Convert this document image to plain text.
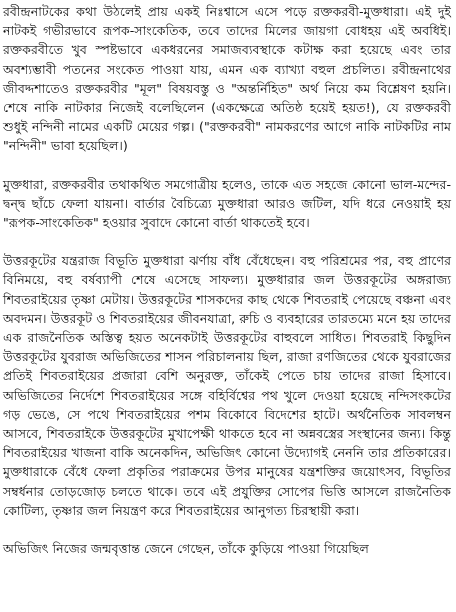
রবীন্দ্রনাটকের কথা উঠলেই প্রায় একই নিঃশ্বাসে এসে পড়ে রক্তকরবী-মুক্তধারা। এই দুই নাটকই গভীরভাবে রূপক-সাংকেতিক, তবে তাদের মিলের জায়গা বোধহয় এই অবধিই। রক্তকরবীতে খুব স্পষ্টভাবে একধরনের সমাজব্যবস্থাকে কটাক্ষ করা হয়েছে এবং তার অবশ্যম্ভাবী পতনের সংকেত পাওয়া যায়, এমন এক ব্যাখ্যা বহুল প্রচলিত। রবীন্দ্রনাথের জীবদ্দশাতেও রক্তকরবীর "মূল" বিষয়বস্তু ও "অন্তর্নিহিত" অর্থ নিয়ে কম বিশ্লেষণ হয়নি। শেষে নাকি নাটকার নিজেই বলেছিলেন (একক্ষেত্রে অতিষ্ঠ হয়েই হয়ত!), যে রক্তকরবী শুধুই নন্দিনী নামের একটি মেয়ের গল্প। ("রক্তকরবী" নামকরণের আগে নাকি নাটকটির নাম "নন্দিনী" ভাবা হয়েছিল।)

মুক্তধারা, রক্তকরবীর তথাকথিত সমগোত্রীয় হলেও, তাকে এত সহজে কোনো ভাল-মন্দের-দ্বন্দ্ব ছাঁচে ফেলা যায়না। বার্তার বৈচিত্র্যে মুক্তধারা আরও জটিল, যদি ধরে নেওয়াই হয় "রূপক-সাংকেতিক" হওয়ার সুবাদে কোনো বার্তা থাকতেই হবে।

উত্তরকূটের যন্ত্ররাজ বিভূতি মুক্তধারা ঝর্ণায় বাঁধ বেঁধেছেন। বহু পরিশ্রমের পর, বহু প্রাণের বিনিময়ে, বহু বর্ষব্যাপী শেষে এসেছে সাফল্য। মুক্তধারার জল উত্তরকূটের অঙ্গরাজ্য শিবতরাইয়ের তৃষ্ণা মেটায়। উত্তরকূটের শাসকদের কাছ থেকে শিবতরাই পেয়েছে বঞ্চনা এবং অবদমন। উত্তরকূট ও শিবতরাইয়ের জীবনযাত্রা, রুচি ও ব্যবহারের তারতম্যে মনে হয় তাদের এক রাজনৈতিক অস্তিত্ব হয়ত অনেকটাই উত্তরকূটের বাহুবলে সাধিত। শিবতরাই কিছুদিন উত্তরকূটের যুবরাজ অভিজিতের শাসন পরিচালনায় ছিল, রাজা রণজিতের থেকে যুবরাজের প্রতিই শিবতরাইয়ের প্রজারা বেশি অনুরক্ত, তাঁকেই পেতে চায় তাদের রাজা হিসাবে। অভিজিতের নির্দেশে শিবতরাইয়ের সঙ্গে বহির্বিশ্বের পথ খুলে দেওয়া হয়েছে নন্দিসংকটের গড় ভেঙে, সে পথে শিবতরাইয়ের পশম বিকোবে বিদেশের হাটে। অর্থনৈতিক সাবলম্বন আসবে, শিবতরাইকে উত্তরকূটের মুখাপেক্ষী থাকতে হবে না অন্নবস্ত্রের সংস্থানের জন্য। কিন্তু শিবতরাইয়ের খাজনা বাকি অনেকদিন, অভিজিৎ কোনো উদ্যোগই নেননি তার প্রতিকারের। মুক্তধারাকে বেঁধে ফেলা প্রকৃতির পরাক্রমের উপর মানুষের যন্ত্রশক্তির জয়োৎসব, বিভূতির সম্বর্ধনার তোড়জোড় চলতে থাকে। তবে এই প্রযুক্তির সোপের ভিত্তি আসলে রাজনৈতিক কোটিল্য, তৃষ্ণার জল নিয়ন্ত্রণ করে শিবতরাইয়ের আনুগত্য চিরস্থায়ী করা।

অভিজিৎ নিজের জন্মবৃত্তান্ত জেনে গেছেন, তাঁকে কুড়িয়ে পাওয়া গিয়েছিল
